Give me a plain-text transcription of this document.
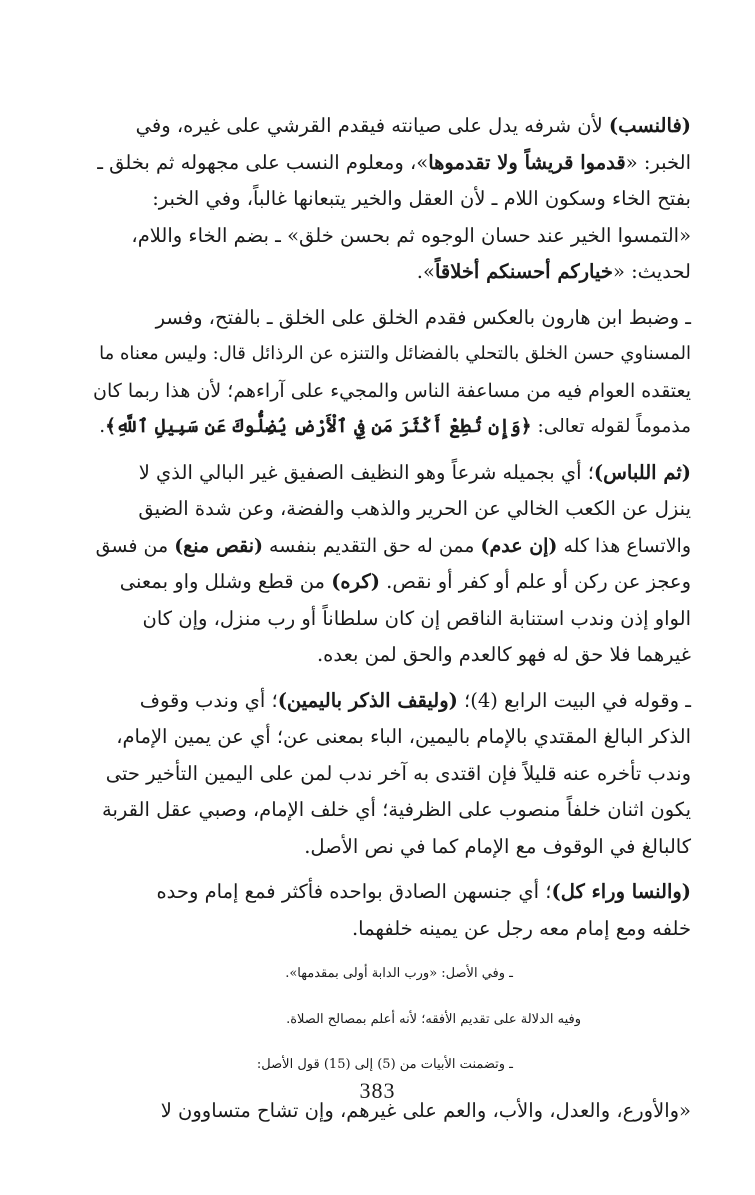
(فالنسب) لأن شرفه يدل على صيانته فيقدم القرشي على غيره، وفي
الخبر: «قدموا قريشاً ولا تقدموها»، ومعلوم النسب على مجهوله ثم بخلق ـ
بفتح الخاء وسكون اللام ـ لأن العقل والخير يتبعانها غالباً، وفي الخبر:
«التمسوا الخير عند حسان الوجوه ثم بحسن خلق» ـ بضم الخاء واللام،
لحديث: «خياركم أحسنكم أخلاقاً».
ـ وضبط ابن هارون بالعكس فقدم الخلق على الخلق ـ بالفتح، وفسر
المسناوي حسن الخلق بالتحلي بالفضائل والتنزه عن الرذائل قال: وليس معناه ما
يعتقده العوام فيه من مساعفة الناس والمجيء على آراءهم؛ لأن هذا ربما كان
مذموماً لقوله تعالى: ﴿وَإِن تُطِعْ أَكْثَرَ مَن فِي ٱلْأَرْضِ يُضِلُّوكَ عَن سَبِيلِ ٱللَّهِ﴾.
(ثم اللباس)؛ أي بجميله شرعاً وهو النظيف الصفيق غير البالي الذي لا
ينزل عن الكعب الخالي عن الحرير والذهب والفضة، وعن شدة الضيق
والاتساع هذا كله (إن عدم) ممن له حق التقديم بنفسه (نقص منع) من فسق
وعجز عن ركن أو علم أو كفر أو نقص. (كره) من قطع وشلل واو بمعنى
الواو إذن وندب استنابة الناقص إن كان سلطاناً أو رب منزل، وإن كان
غيرهما فلا حق له فهو كالعدم والحق لمن بعده.
ـ وقوله في البيت الرابع (4)؛ (وليقف الذكر باليمين)؛ أي وندب وقوف
الذكر البالغ المقتدي بالإمام باليمين، الباء بمعنى عن؛ أي عن يمين الإمام،
وندب تأخره عنه قليلاً فإن اقتدى به آخر ندب لمن على اليمين التأخير حتى
يكون اثنان خلفاً منصوب على الظرفية؛ أي خلف الإمام، وصبي عقل القربة
كالبالغ في الوقوف مع الإمام كما في نص الأصل.
(والنسا وراء كل)؛ أي جنسهن الصادق بواحده فأكثر فمع إمام وحده
خلفه ومع إمام معه رجل عن يمينه خلفهما.
ـ وفي الأصل: «ورب الدابة أولى بمقدمها».
وفيه الدلالة على تقديم الأفقه؛ لأنه أعلم بمصالح الصلاة.
ـ وتضمنت الأبيات من (5) إلى (15) قول الأصل:
«والأورع، والعدل، والأب، والعم على غيرهم، وإن تشاح متساوون لا
383
